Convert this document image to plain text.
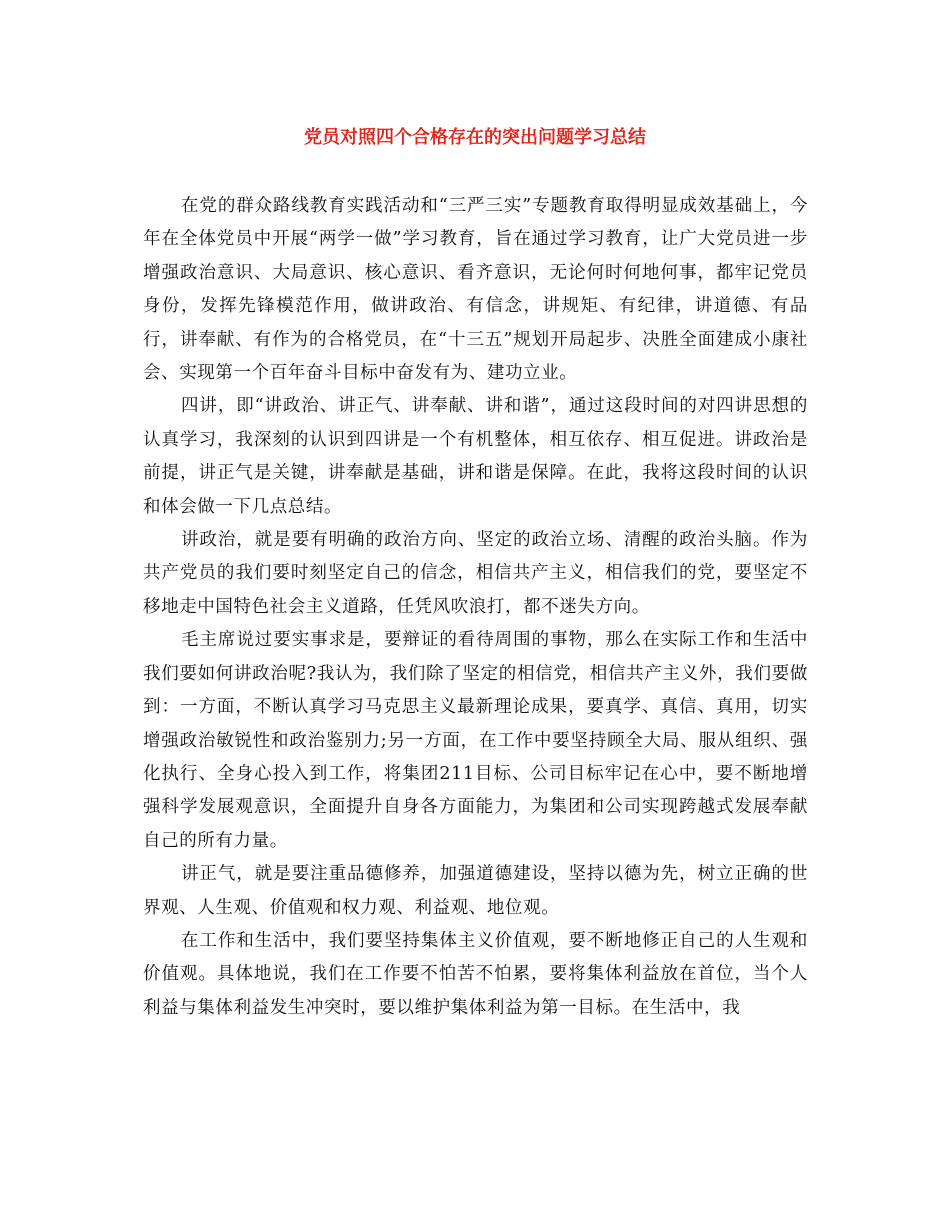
党员对照四个合格存在的突出问题学习总结

在党的群众路线教育实践活动和“三严三实”专题教育取得明显成效基础上，今年在全体党员中开展“两学一做”学习教育，旨在通过学习教育，让广大党员进一步增强政治意识、大局意识、核心意识、看齐意识，无论何时何地何事，都牢记党员身份，发挥先锋模范作用，做讲政治、有信念，讲规矩、有纪律，讲道德、有品行，讲奉献、有作为的合格党员，在“十三五”规划开局起步、决胜全面建成小康社会、实现第一个百年奋斗目标中奋发有为、建功立业。

四讲，即“讲政治、讲正气、讲奉献、讲和谐”，通过这段时间的对四讲思想的认真学习，我深刻的认识到四讲是一个有机整体，相互依存、相互促进。讲政治是前提，讲正气是关键，讲奉献是基础，讲和谐是保障。在此，我将这段时间的认识和体会做一下几点总结。

讲政治，就是要有明确的政治方向、坚定的政治立场、清醒的政治头脑。作为共产党员的我们要时刻坚定自己的信念，相信共产主义，相信我们的党，要坚定不移地走中国特色社会主义道路，任凭风吹浪打，都不迷失方向。

毛主席说过要实事求是，要辩证的看待周围的事物，那么在实际工作和生活中我们要如何讲政治呢?我认为，我们除了坚定的相信党，相信共产主义外，我们要做到：一方面，不断认真学习马克思主义最新理论成果，要真学、真信、真用，切实增强政治敏锐性和政治鉴别力;另一方面，在工作中要坚持顾全大局、服从组织、强化执行、全身心投入到工作，将集团211目标、公司目标牢记在心中，要不断地增强科学发展观意识，全面提升自身各方面能力，为集团和公司实现跨越式发展奉献自己的所有力量。

讲正气，就是要注重品德修养，加强道德建设，坚持以德为先，树立正确的世界观、人生观、价值观和权力观、利益观、地位观。

在工作和生活中，我们要坚持集体主义价值观，要不断地修正自己的人生观和价值观。具体地说，我们在工作要不怕苦不怕累，要将集体利益放在首位，当个人利益与集体利益发生冲突时，要以维护集体利益为第一目标。在生活中，我
